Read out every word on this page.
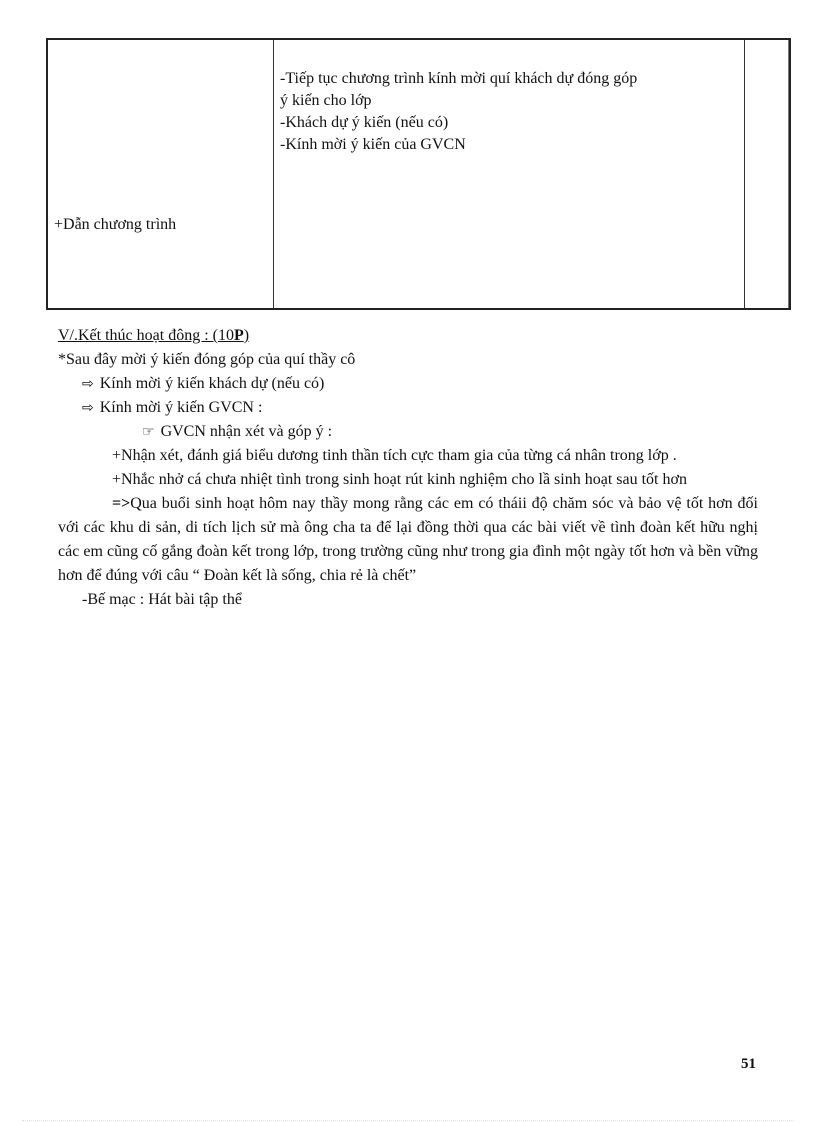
+Dẫn chương trình
-Tiếp tục chương trình kính mời quí khách dự đóng góp
ý kiến cho lớp
-Khách dự ý kiến (nếu có)
-Kính mời ý kiến của GVCN
V/.Kết thúc hoạt đông : (10P)
*Sau đây mời ý kiến đóng góp của quí thầy cô
⇨ Kính mời ý kiến khách dự (nếu có)
⇨ Kính mời ý kiến GVCN :
☞ GVCN nhận xét và góp ý :
+Nhận xét, đánh giá biểu dương tinh thần tích cực tham gia của từng cá nhân trong lớp .
+Nhắc nhở cá chưa nhiệt tình trong sinh hoạt rút kinh nghiệm cho lầ sinh hoạt sau tốt hơn
=>Qua buổi sinh hoạt hôm nay thầy mong rằng các em có tháii độ chăm sóc và bảo vệ tốt hơn đối với các khu di sản, di tích lịch sử mà ông cha ta để lại đồng thời qua các bài viết về tình đoàn kết hữu nghị các em cũng cố gắng đoàn kết trong lớp, trong trường cũng như trong gia đình một ngày tốt hơn và bền vững hơn để đúng với câu “ Đoàn kết là sống, chia rẻ là chết”
-Bế mạc : Hát bài tập thể
51
